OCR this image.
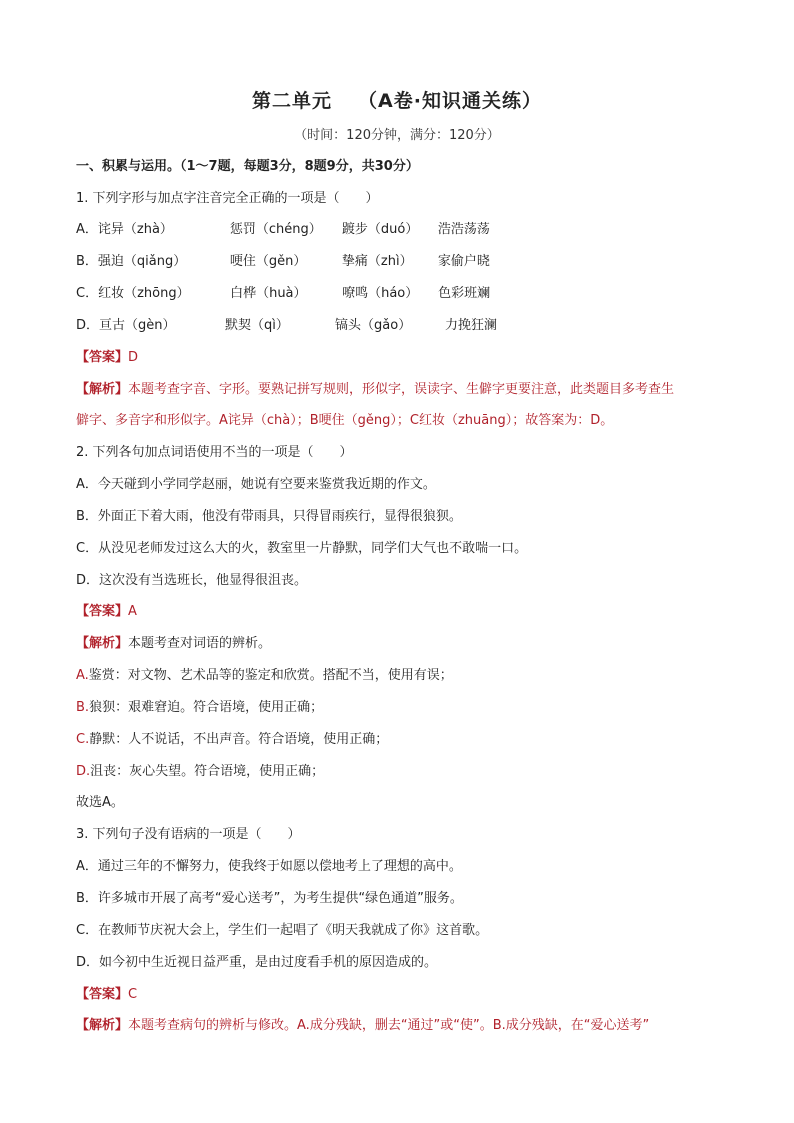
第二单元 （A卷·知识通关练）
（时间：120分钟，满分：120分）
一、积累与运用。（1～7题，每题3分，8题9分，共30分）
1. 下列字形与加点字注音完全正确的一项是（　　）
A．诧异（zhà）	惩罚（chéng） 踱步（duó） 浩浩荡荡
B．强迫（qiǎng）	哽住（gěn）	挚痛（zhì） 家偷户晓
C．红妆（zhōng）	白桦（huà）	嘹鸣（háo） 色彩班斓
D．亘古（gèn）	默契（qì）	镐头（gǎo）	力挽狂澜
【答案】D
【解析】本题考查字音、字形。要熟记拼写规则，形似字，误读字、生僻字更要注意，此类题目多考查生
僻字、多音字和形似字。A诧异（chà）；B哽住（gěng）；C红妆（zhuāng）；故答案为：D。
2. 下列各句加点词语使用不当的一项是（　　）
A．今天碰到小学同学赵丽，她说有空要来鉴赏我近期的作文。
B．外面正下着大雨，他没有带雨具，只得冒雨疾行，显得很狼狈。
C．从没见老师发过这么大的火，教室里一片静默，同学们大气也不敢喘一口。
D．这次没有当选班长，他显得很沮丧。
【答案】A
【解析】本题考查对词语的辨析。
A.鉴赏：对文物、艺术品等的鉴定和欣赏。搭配不当，使用有误；
B.狼狈：艰难窘迫。符合语境，使用正确；
C.静默：人不说话，不出声音。符合语境，使用正确；
D.沮丧：灰心失望。符合语境，使用正确；
故选A。
3. 下列句子没有语病的一项是（　　）
A．通过三年的不懈努力，使我终于如愿以偿地考上了理想的高中。
B．许多城市开展了高考“爱心送考”，为考生提供“绿色通道”服务。
C．在教师节庆祝大会上，学生们一起唱了《明天我就成了你》这首歌。
D．如今初中生近视日益严重，是由过度看手机的原因造成的。
【答案】C
【解析】本题考查病句的辨析与修改。A.成分残缺，删去“通过”或“使”。B.成分残缺，在“爱心送考”
